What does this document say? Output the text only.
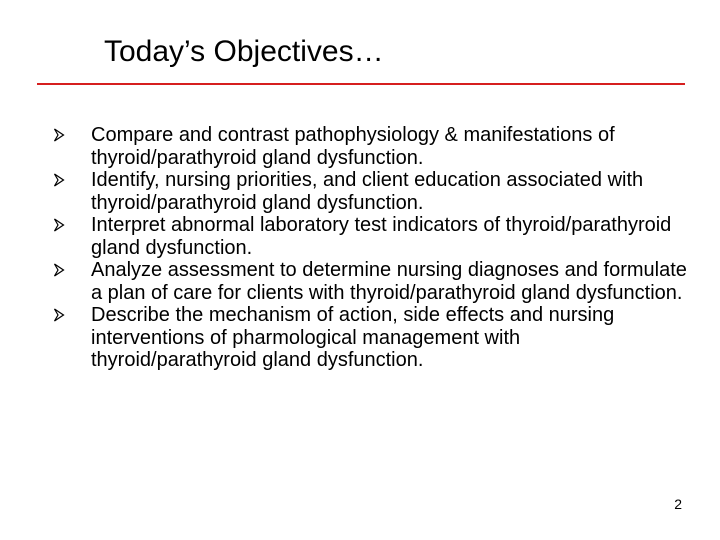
Today’s Objectives…
Compare and contrast pathophysiology & manifestations of thyroid/parathyroid gland dysfunction.
Identify, nursing priorities, and client education associated with thyroid/parathyroid gland dysfunction.
Interpret abnormal laboratory test indicators of thyroid/parathyroid gland dysfunction.
Analyze assessment to determine nursing diagnoses and formulate a plan of care for clients with thyroid/parathyroid gland dysfunction.
Describe the mechanism of action, side effects and nursing interventions of pharmological management with thyroid/parathyroid gland dysfunction.
2
